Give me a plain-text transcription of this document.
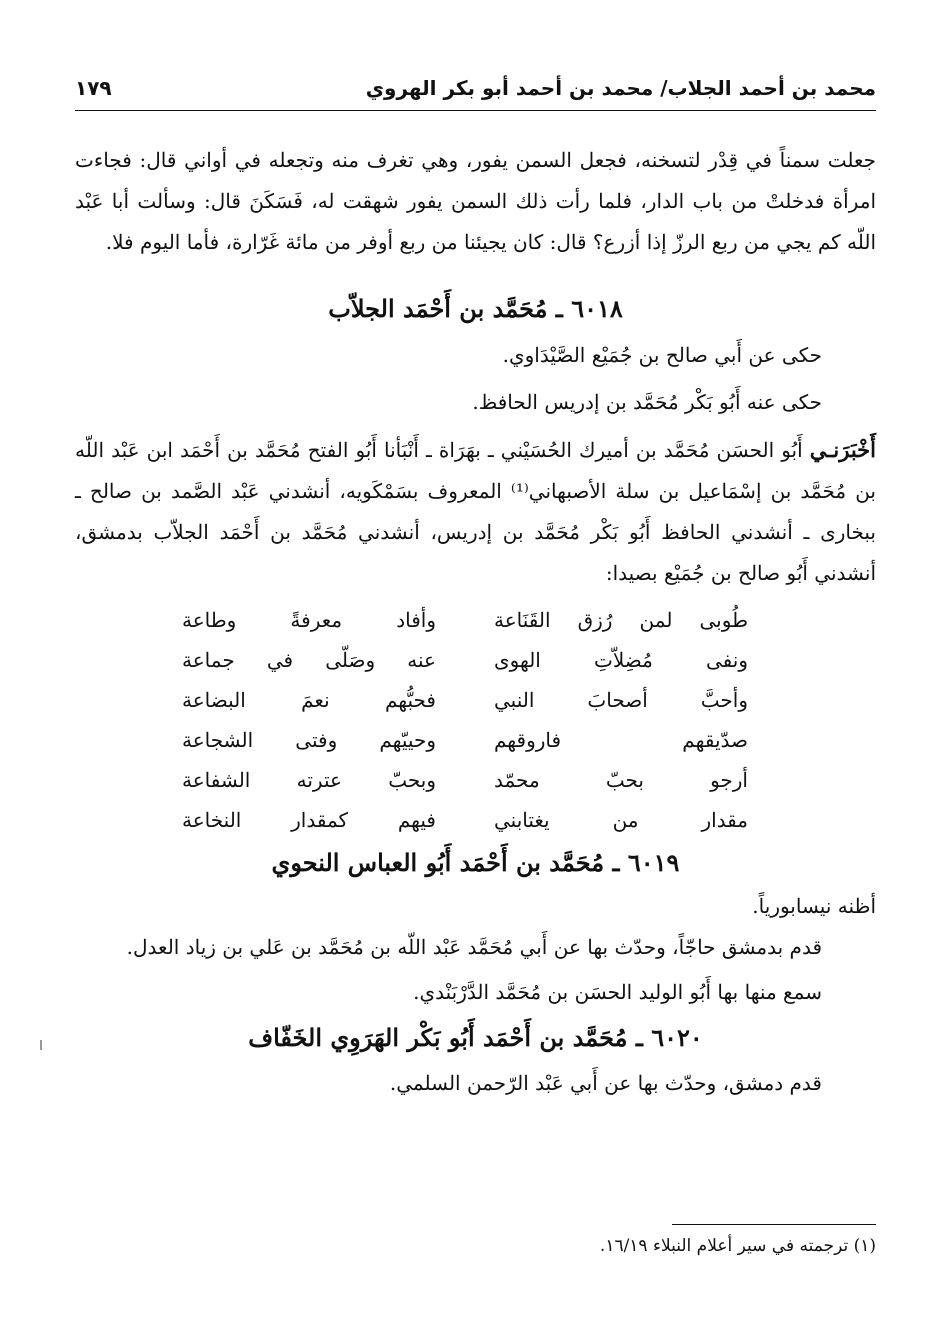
محمد بن أحمد الجلاب/ محمد بن أحمد أبو بكر الهروي
١٧٩

جعلت سمناً في قِدْر لتسخنه، فجعل السمن يفور، وهي تغرف منه وتجعله في أواني قال: فجاءت امرأة فدخلتْ من باب الدار، فلما رأت ذلك السمن يفور شهقت له، فَسَكَنَ قال: وسألت أبا عَبْد اللّه كم يجي من ربع الرزّ إذا أزرع؟ قال: كان يجيئنا من ربع أوفر من مائة غَرّارة، فأما اليوم فلا.

٦٠١٨ ـ مُحَمَّد بن أَحْمَد الجلاّب

حكى عن أَبي صالح بن جُمَيْع الصَّيْدَاوي.

حكى عنه أَبُو بَكْر مُحَمَّد بن إدريس الحافظ.

أَخْبَرَنـي أَبُو الحسَن مُحَمَّد بن أميرك الحُسَيْني ـ بهَرَاة ـ أَنْبَأنا أَبُو الفتح مُحَمَّد بن أَحْمَد ابن عَبْد اللّه بن مُحَمَّد بن إسْمَاعيل بن سلة الأصبهاني⁽¹⁾ المعروف بسَمْكَويه، أنشدني عَبْد الصَّمد بن صالح ـ ببخارى ـ أنشدني الحافظ أَبُو بَكْر مُحَمَّد بن إدريس، أنشدني مُحَمَّد بن أَحْمَد الجلاّب بدمشق، أنشدني أَبُو صالح بن جُمَيْع بصيدا:

طُوبى لمن رُزق القَنَاعة
وأفاد معرفةً وطاعة
ونفى مُضِلاّتِ الهوى
عنه وصَلّى في جماعة
وأحبَّ أصحابَ النبي
فحبُّهم نعمَ البضاعة
صدّيقهم فاروقهم
وحييّهم وفتى الشجاعة
أرجو بحبّ محمّد
وبحبّ عترته الشفاعة
مقدار من يغتابني
فيهم كمقدار النخاعة

٦٠١٩ ـ مُحَمَّد بن أَحْمَد أَبُو العباس النحوي

أظنه نيسابورياً.

قدم بدمشق حاجّاً، وحدّث بها عن أَبي مُحَمَّد عَبْد اللّه بن مُحَمَّد بن عَلي بن زياد العدل.

سمع منها بها أَبُو الوليد الحسَن بن مُحَمَّد الدَّرْبَنْدي.

٦٠٢٠ ـ مُحَمَّد بن أَحْمَد أَبُو بَكْر الهَرَوِي الخَفّاف

قدم دمشق، وحدّث بها عن أَبي عَبْد الرّحمن السلمي.

(١) ترجمته في سير أعلام النبلاء ١٦/١٩.
